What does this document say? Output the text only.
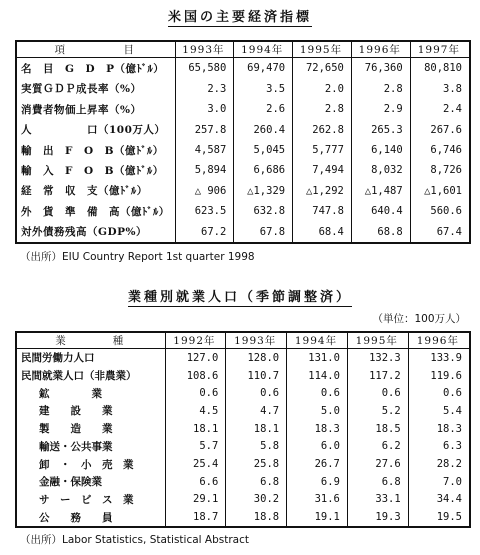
米国の主要経済指標
項　　　　　目	1993年	1994年	1995年	1996年	1997年
名　目　G　D　P（億ﾄﾞﾙ）	65,580	69,470	72,650	76,360	80,810
実質ＧＤＰ成長率（%）	2.3	3.5	2.0	2.8	3.8
消費者物価上昇率（%）	3.0	2.6	2.8	2.9	2.4
人　　　　　口（100万人）	257.8	260.4	262.8	265.3	267.6
輸　出　F　O　B（億ﾄﾞﾙ）	4,587	5,045	5,777	6,140	6,746
輸　入　F　O　B（億ﾄﾞﾙ）	5,894	6,686	7,494	8,032	8,726
経　常　収　支（億ﾄﾞﾙ）	△ 906	△1,329	△1,292	△1,487	△1,601
外　貨　準　備　高（億ﾄﾞﾙ）	623.5	632.8	747.8	640.4	560.6
対外債務残高（GDP%）	67.2	67.8	68.4	68.8	67.4
（出所）EIU Country Report 1st quarter 1998
業種別就業人口（季節調整済）
（単位：100万人）
業　　　　種	1992年	1993年	1994年	1995年	1996年
民間労働力人口	127.0	128.0	131.0	132.3	133.9
民間就業人口（非農業）	108.6	110.7	114.0	117.2	119.6
鉱　　　　業	0.6	0.6	0.6	0.6	0.6
建　　設　　業	4.5	4.7	5.0	5.2	5.4
製　　造　　業	18.1	18.1	18.3	18.5	18.3
輸送・公共事業	5.7	5.8	6.0	6.2	6.3
卸　・　小　売　業	25.4	25.8	26.7	27.6	28.2
金融・保険業	6.6	6.8	6.9	6.8	7.0
サ　ー　ビ　ス　業	29.1	30.2	31.6	33.1	34.4
公　　務　　員	18.7	18.8	19.1	19.3	19.5
（出所）Labor Statistics, Statistical Abstract
